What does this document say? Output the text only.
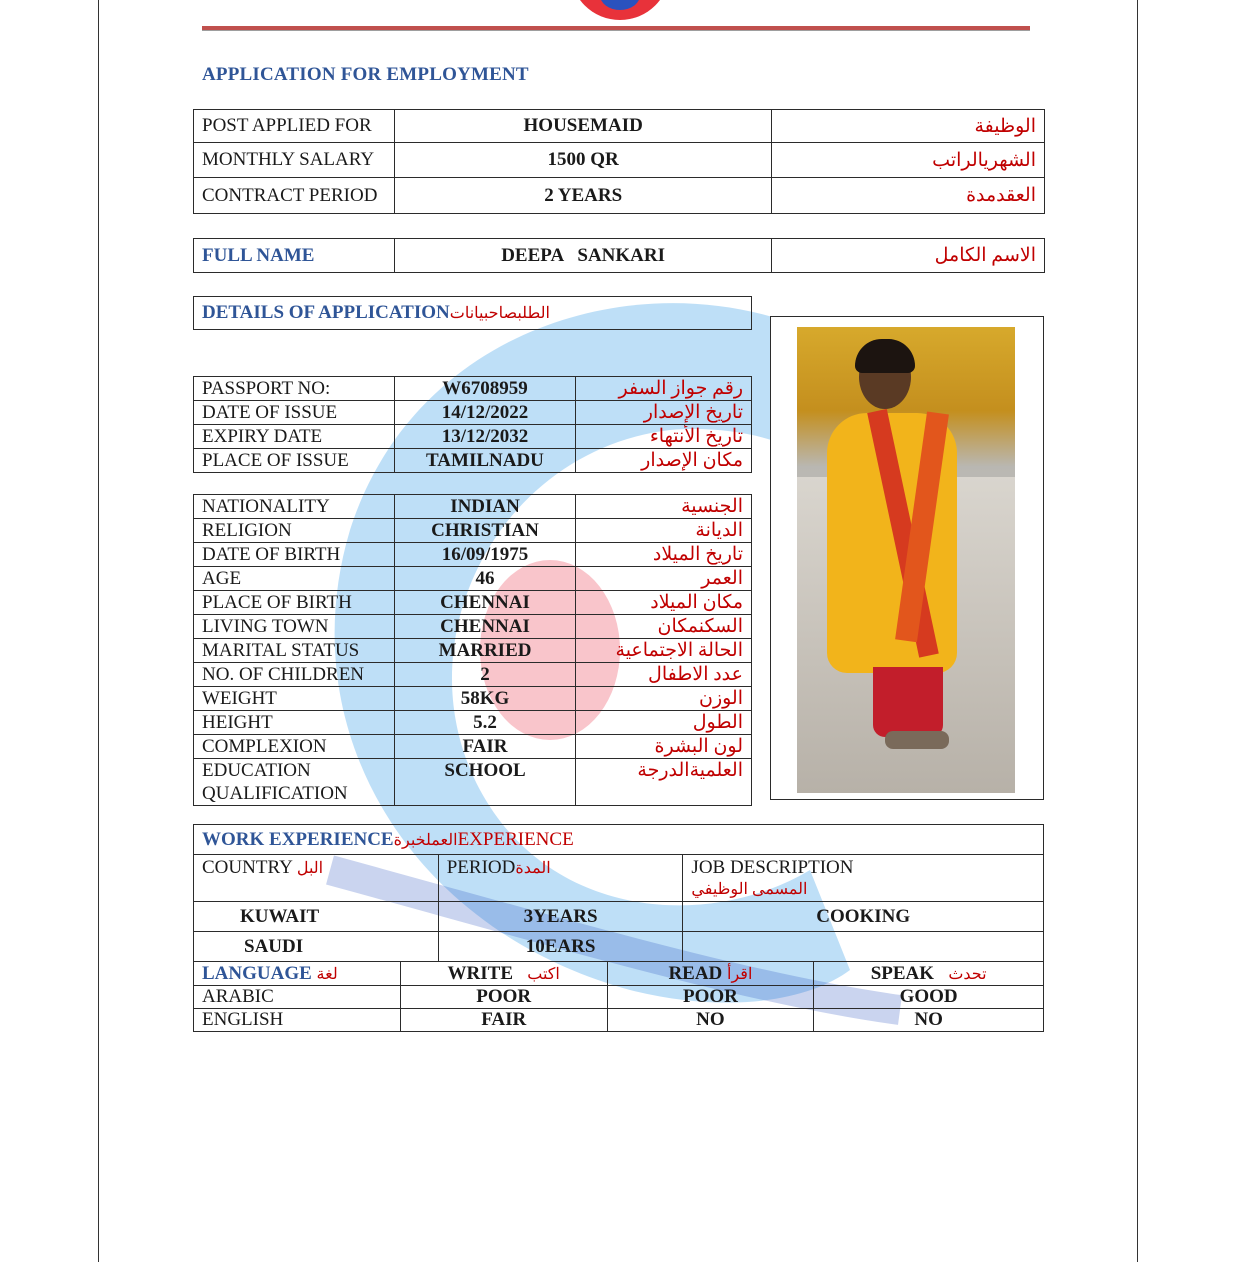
APPLICATION FOR EMPLOYMENT
POST APPLIED FOR	HOUSEMAID	الوظيفة
MONTHLY SALARY	1500 QR	الشهريالراتب
CONTRACT PERIOD	2 YEARS	العقدمدة
FULL NAME	DEEPA   SANKARI	الاسم الكامل
DETAILS OF APPLICATIONالطلبصاحبيانات
PASSPORT NO:	W6708959	رقم جواز السفر
DATE OF ISSUE	14/12/2022	تاريخ الإصدار
EXPIRY DATE	13/12/2032	تاريخ الأنتهاء
PLACE OF ISSUE	TAMILNADU	مكان الإصدار
NATIONALITY	INDIAN	الجنسية
RELIGION	CHRISTIAN	الديانة
DATE OF BIRTH	16/09/1975	تاريخ الميلاد
AGE	46	العمر
PLACE OF BIRTH	CHENNAI	مكان الميلاد
LIVING TOWN	CHENNAI	السكنمكان
MARITAL STATUS	MARRIED	الحالة الاجتماعية
NO. OF CHILDREN	2	عدد الاطفال
WEIGHT	58KG	الوزن
HEIGHT	5.2	الطول
COMPLEXION	FAIR	لون البشرة

EDUCATION
QUALIFICATION	SCHOOL	العلميةالدرجة
WORK EXPERIENCEالعملخبرةEXPERIENCE		
COUNTRY البل	PERIODالمدة	JOB DESCRIPTION
المسمى الوظيفي

KUWAIT	3YEARS	COOKING
SAUDI	10EARS	
LANGUAGE لغة	WRITE اكتب	READ اقرأ	SPEAK تحدث
ARABIC	POOR	POOR	GOOD
ENGLISH	FAIR	NO	NO
